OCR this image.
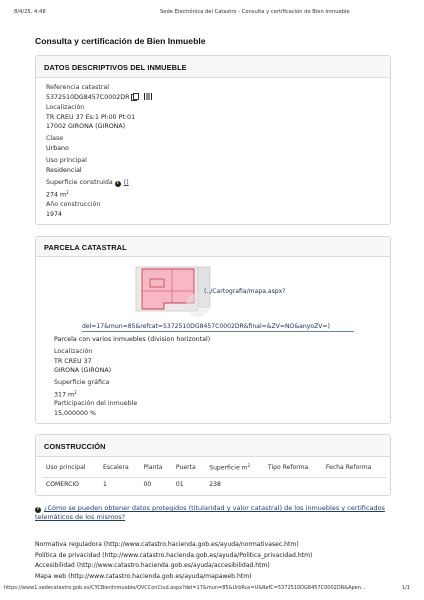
8/4/25, 4:48	Sede Electrónica del Catastro - Consulta y certificación de Bien Inmueble
Consulta y certificación de Bien Inmueble
DATOS DESCRIPTIVOS DEL INMUEBLE
Referencia catastral
5372510DG8457C0002DR
Localización
TR CREU 37 Es:1 Pl:00 Pt:01
17002 GIRONA (GIRONA)
Clase
Urbano
Uso principal
Residencial
Superficie construida i ()
274 $m^2$
Año construcción
1974
PARCELA CATASTRAL
Parcela con varios inmuebles (division horizontal)
Localización
TR CREU 37
GIRONA (GIRONA)
Superficie gráfica
317 $m^2$
Participación del inmueble
15,000000 %
(../Cartografia/mapa.aspx?
del=17&mun=85&refcat=5372510DG8457C0002DR&final=&ZV=NO&anyoZV=)
CONSTRUCCIÓN
Uso principal	Escalera	Planta	Puerta	Superficie $m^2$	Tipo Reforma	Fecha Reforma
COMERCIO	1	00	01	238		
? ¿Cómo se pueden obtener datos protegidos (titularidad y valor catastral) de los inmuebles y certificados telemáticos de los mismos?
Normativa reguladora (http://www.catastro.hacienda.gob.es/ayuda/normativasec.htm)
Política de privacidad (http://www.catastro.hacienda.gob.es/ayuda/Politica_privacidad.htm)
Accesibilidad (http://www.catastro.hacienda.gob.es/ayuda/accesibilidad.htm)
Mapa web (http://www.catastro.hacienda.gob.es/ayuda/mapaweb.htm)
https://www1.sedecatastro.gob.es/CYCBienInmueble/OVCConCiud.aspx?del=17&mun=85&UrbRus=U&RefC=5372510DG8457C0002DR&Apen…	1/1
